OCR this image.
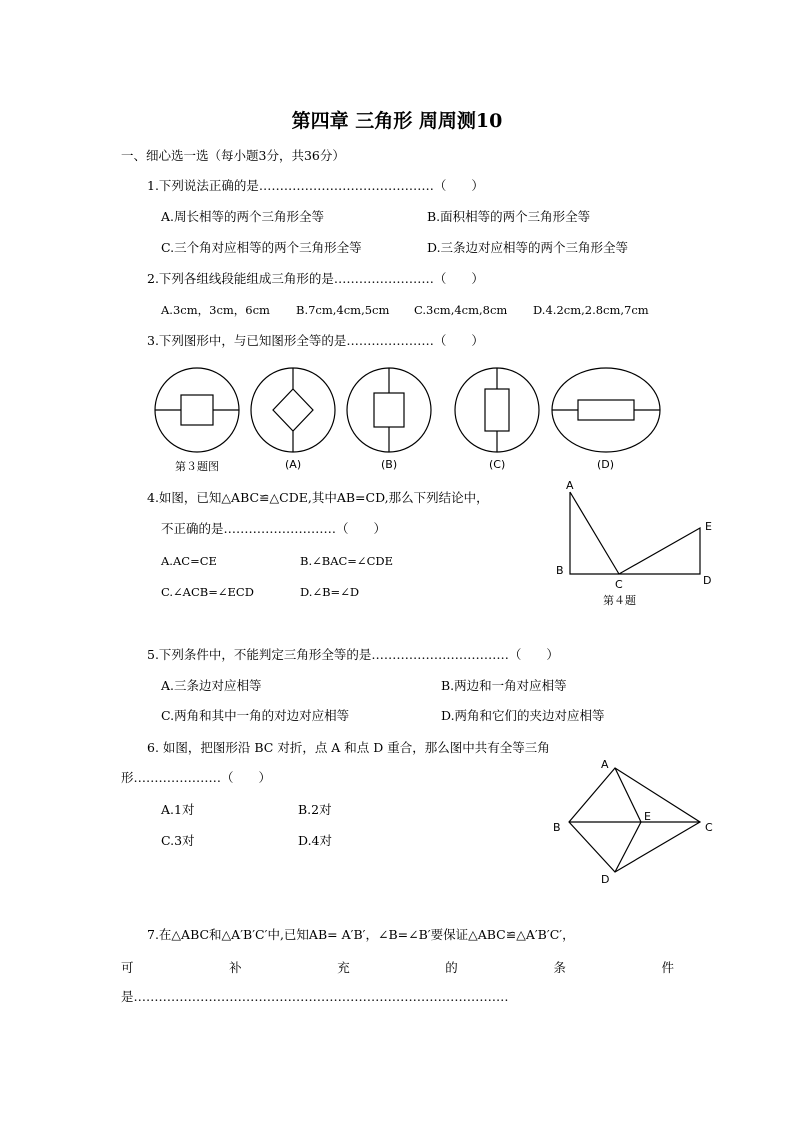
第四章 三角形 周周测10
一、细心选一选（每小题3分，共36分）
1.下列说法正确的是……………………………………（　　）
A.周长相等的两个三角形全等	B.面积相等的两个三角形全等
C.三个角对应相等的两个三角形全等	D.三条边对应相等的两个三角形全等
2.下列各组线段能组成三角形的是……………………（　　）
A.3cm，3cm，6cm B.7cm,4cm,5cm C.3cm,4cm,8cm D.4.2cm,2.8cm,7cm
3.下列图形中，与已知图形全等的是…………………（　　）
第３题图	(A)	(B)	(C)	(D)
4.如图，已知△ABC≌△CDE,其中AB=CD,那么下列结论中，
不正确的是………………………（　　）
A.AC=CE	B.∠BAC=∠CDE
C.∠ACB=∠ECD	D.∠B=∠D
A
B
C	D
E
第４题
5.下列条件中，不能判定三角形全等的是……………………………（　　）
A.三条边对应相等	B.两边和一角对应相等
C.两角和其中一角的对边对应相等	D.两角和它们的夹边对应相等
6. 如图，把图形沿 BC 对折，点 A 和点 D 重合，那么图中共有全等三角
形…………………（　　）
A.1对	B.2对
C.3对	D.4对
A
B
E
C
D
7.在△ABC和△A′B′C′中,已知AB= A′B′，∠B=∠B′要保证△ABC≌△A′B′C′，
可	补	充	的	条	件
是………………………………………………………………………………
